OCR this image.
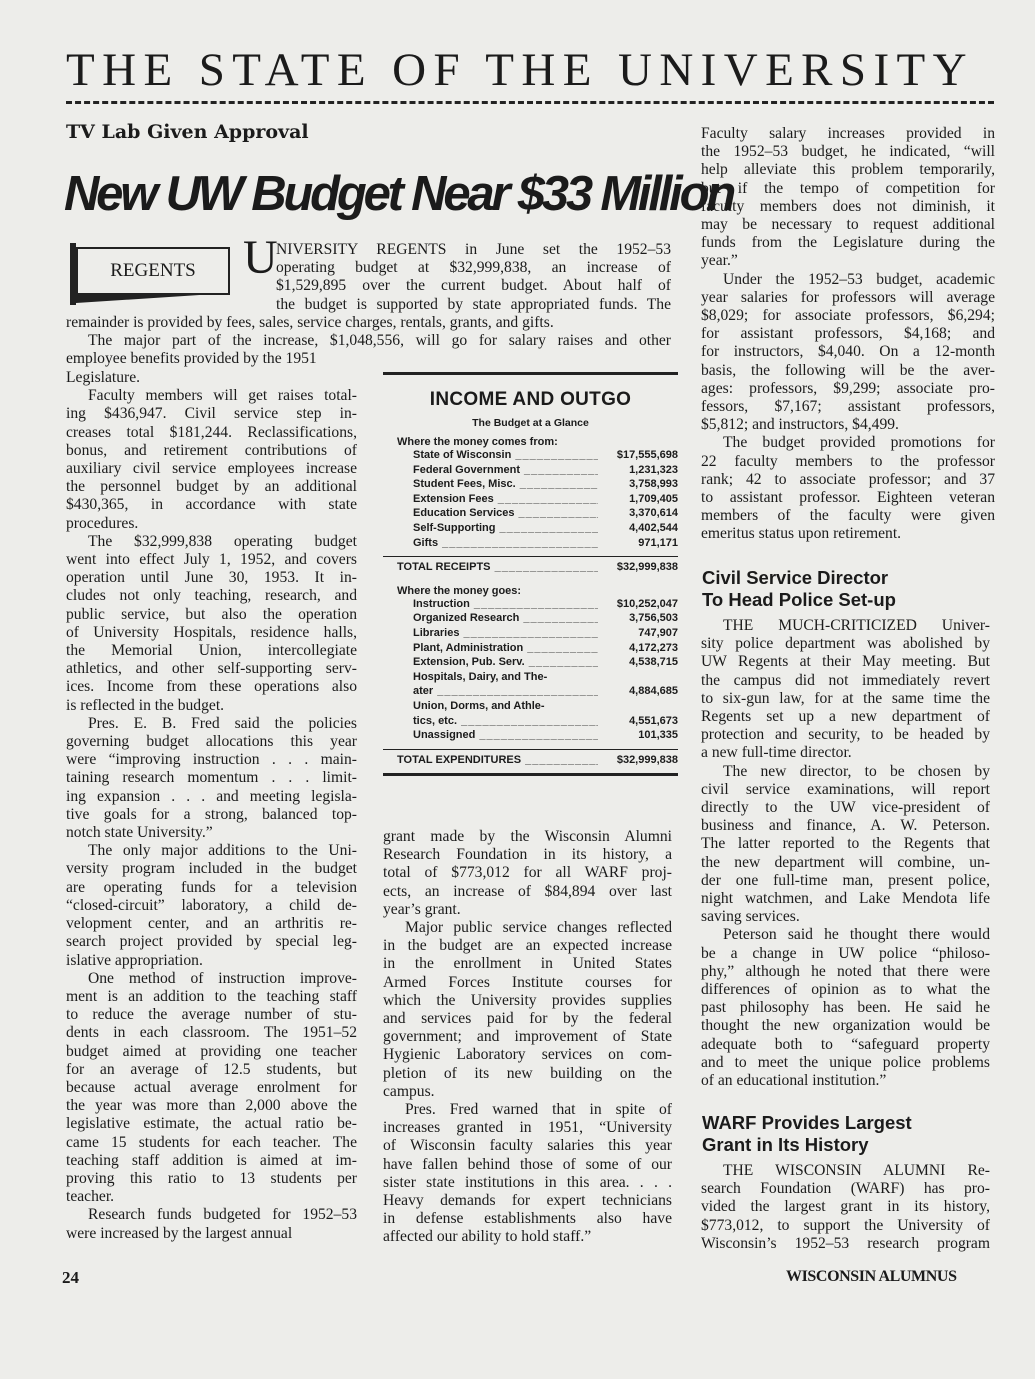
THE STATE OF THE UNIVERSITY
TV Lab Given Approval
New UW Budget Near $33 Million
REGENTS U
NIVERSITY REGENTS in June set the 1952–53
operating budget at $32,999,838, an increase of
$1,529,895 over the current budget. About half of
the budget is supported by state appropriated funds. The
remainder is provided by fees, sales, service charges, rentals, grants, and gifts.
The major part of the increase, $1,048,556, will go for salary raises and other
employee benefits provided by the 1951
Legislature.
Faculty members will get raises total-
ing $436,947. Civil service step in-
creases total $181,244. Reclassifications,
bonus, and retirement contributions of
auxiliary civil service employees increase
the personnel budget by an additional
$430,365, in accordance with state
procedures.
The $32,999,838 operating budget
went into effect July 1, 1952, and covers
operation until June 30, 1953. It in-
cludes not only teaching, research, and
public service, but also the operation
of University Hospitals, residence halls,
the Memorial Union, intercollegiate
athletics, and other self-supporting serv-
ices. Income from these operations also
is reflected in the budget.
Pres. E. B. Fred said the policies
governing budget allocations this year
were “improving instruction . . . main-
taining research momentum . . . limit-
ing expansion . . . and meeting legisla-
tive goals for a strong, balanced top-
notch state University.”
The only major additions to the Uni-
versity program included in the budget
are operating funds for a television
“closed-circuit” laboratory, a child de-
velopment center, and an arthritis re-
search project provided by special leg-
islative appropriation.
One method of instruction improve-
ment is an addition to the teaching staff
to reduce the average number of stu-
dents in each classroom. The 1951–52
budget aimed at providing one teacher
for an average of 12.5 students, but
because actual average enrolment for
the year was more than 2,000 above the
legislative estimate, the actual ratio be-
came 15 students for each teacher. The
teaching staff addition is aimed at im-
proving this ratio to 13 students per
teacher.
Research funds budgeted for 1952–53
were increased by the largest annual
INCOME AND OUTGO
The Budget at a Glance
Where the money comes from:
State of Wisconsin _____	$17,555,698
Federal Government _____	1,231,323
Student Fees, Misc. _____	3,758,993
Extension Fees _____	1,709,405
Education Services _____	3,370,614
Self-Supporting _____	4,402,544
Gifts _____	971,171
TOTAL RECEIPTS _____	$32,999,838
Where the money goes:
Instruction _____	$10,252,047
Organized Research _____	3,756,503
Libraries _____	747,907
Plant, Administration _____	4,172,273
Extension, Pub. Serv. _____	4,538,715
Hospitals, Dairy, and The-
ater _____	4,884,685
Union, Dorms, and Athle-
tics, etc. _____	4,551,673
Unassigned _____	101,335
TOTAL EXPENDITURES _____	$32,999,838
grant made by the Wisconsin Alumni
Research Foundation in its history, a
total of $773,012 for all WARF proj-
ects, an increase of $84,894 over last
year’s grant.
Major public service changes reflected
in the budget are an expected increase
in the enrollment in United States
Armed Forces Institute courses for
which the University provides supplies
and services paid for by the federal
government; and improvement of State
Hygienic Laboratory services on com-
pletion of its new building on the
campus.
Pres. Fred warned that in spite of
increases granted in 1951, “University
of Wisconsin faculty salaries this year
have fallen behind those of some of our
sister state institutions in this area. . . .
Heavy demands for expert technicians
in defense establishments also have
affected our ability to hold staff.”
Faculty salary increases provided in
the 1952–53 budget, he indicated, “will
help alleviate this problem temporarily,
but if the tempo of competition for
faculty members does not diminish, it
may be necessary to request additional
funds from the Legislature during the
year.”
Under the 1952–53 budget, academic
year salaries for professors will average
$8,029; for associate professors, $6,294;
for assistant professors, $4,168; and
for instructors, $4,040. On a 12-month
basis, the following will be the aver-
ages: professors, $9,299; associate pro-
fessors, $7,167; assistant professors,
$5,812; and instructors, $4,499.
The budget provided promotions for
22 faculty members to the professor
rank; 42 to associate professor; and 37
to assistant professor. Eighteen veteran
members of the faculty were given
emeritus status upon retirement.
Civil Service Director
To Head Police Set-up
THE MUCH-CRITICIZED Univer-
sity police department was abolished by
UW Regents at their May meeting. But
the campus did not immediately revert
to six-gun law, for at the same time the
Regents set up a new department of
protection and security, to be headed by
a new full-time director.
The new director, to be chosen by
civil service examinations, will report
directly to the UW vice-president of
business and finance, A. W. Peterson.
The latter reported to the Regents that
the new department will combine, un-
der one full-time man, present police,
night watchmen, and Lake Mendota life
saving services.
Peterson said he thought there would
be a change in UW police “philoso-
phy,” although he noted that there were
differences of opinion as to what the
past philosophy has been. He said he
thought the new organization would be
adequate both to “safeguard property
and to meet the unique police problems
of an educational institution.”
WARF Provides Largest
Grant in Its History
THE WISCONSIN ALUMNI Re-
search Foundation (WARF) has pro-
vided the largest grant in its history,
$773,012, to support the University of
Wisconsin’s 1952–53 research program
24	WISCONSIN ALUMNUS
